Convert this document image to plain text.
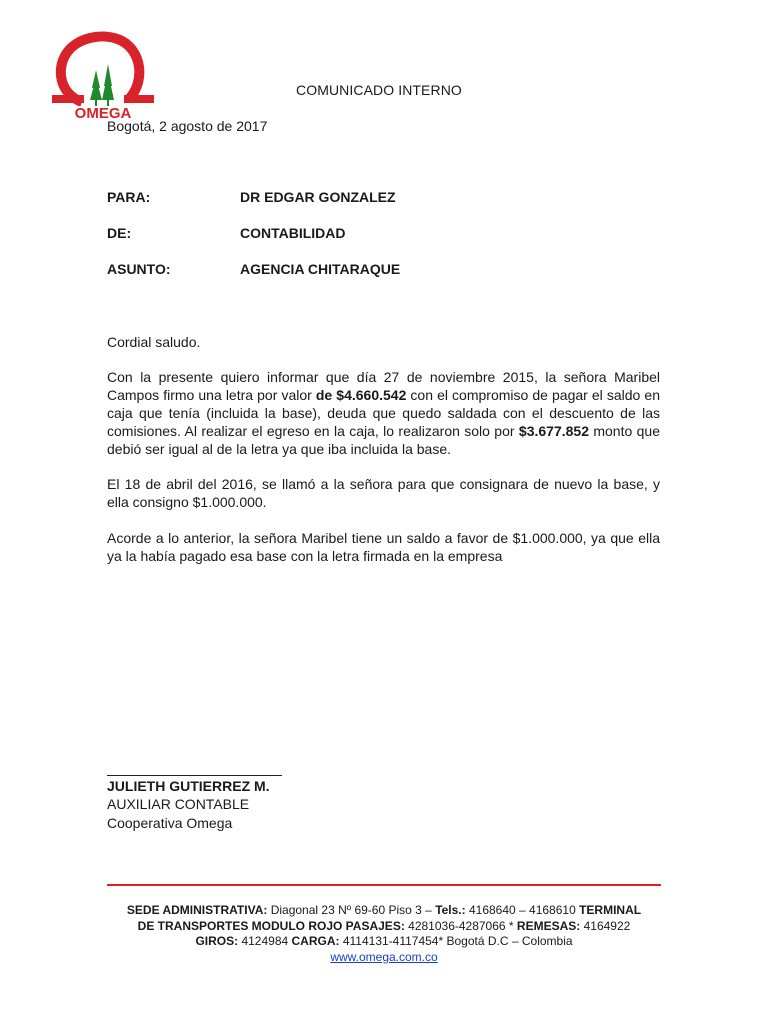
OMEGA
COMUNICADO INTERNO
Bogotá, 2 agosto de 2017
PARA:	DR EDGAR GONZALEZ
DE:	CONTABILIDAD
ASUNTO:	AGENCIA CHITARAQUE
Cordial saludo.
Con la presente quiero informar que día 27 de noviembre 2015, la señora Maribel Campos firmo una letra por valor de $4.660.542 con el compromiso de pagar el saldo en caja que tenía (incluida la base), deuda que quedo saldada con el descuento de las comisiones. Al realizar el egreso en la caja, lo realizaron solo por $3.677.852 monto que debió ser igual al de la letra ya que iba incluida la base.
El 18 de abril del 2016, se llamó a la señora para que consignara de nuevo la base, y ella consigno $1.000.000.
Acorde a lo anterior, la señora Maribel tiene un saldo a favor de $1.000.000, ya que ella ya la había pagado esa base con la letra firmada en la empresa
JULIETH GUTIERREZ M.
AUXILIAR CONTABLE
Cooperativa Omega
SEDE ADMINISTRATIVA: Diagonal 23 Nº 69-60 Piso 3 – Tels.: 4168640 – 4168610 TERMINAL
DE TRANSPORTES MODULO ROJO PASAJES: 4281036-4287066 * REMESAS: 4164922
GIROS: 4124984 CARGA: 4114131-4117454* Bogotá D.C – Colombia
www.omega.com.co
